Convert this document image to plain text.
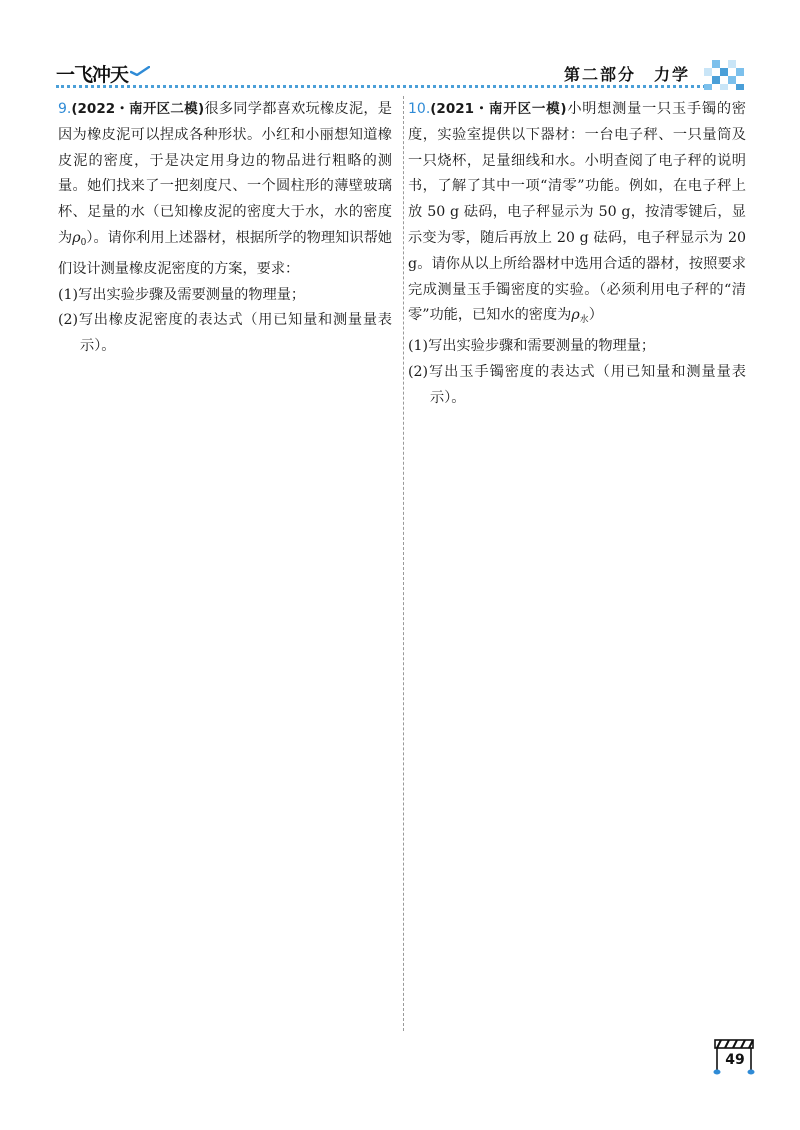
一飞冲天	第二部分　力学
9.(2022・南开区二模)很多同学都喜欢玩橡皮泥，是因为橡皮泥可以捏成各种形状。小红和小丽想知道橡皮泥的密度，于是决定用身边的物品进行粗略的测量。她们找来了一把刻度尺、一个圆柱形的薄壁玻璃杯、足量的水（已知橡皮泥的密度大于水，水的密度为$\rho_0$）。请你利用上述器材，根据所学的物理知识帮她们设计测量橡皮泥密度的方案，要求：
(1)写出实验步骤及需要测量的物理量；
(2)写出橡皮泥密度的表达式（用已知量和测量量表示）。
10.(2021・南开区一模)小明想测量一只玉手镯的密度，实验室提供以下器材：一台电子秤、一只量筒及一只烧杯，足量细线和水。小明查阅了电子秤的说明书，了解了其中一项“清零”功能。例如，在电子秤上放 50 g 砝码，电子秤显示为 50 g，按清零键后，显示变为零，随后再放上 20 g 砝码，电子秤显示为 20 g。请你从以上所给器材中选用合适的器材，按照要求完成测量玉手镯密度的实验。（必须利用电子秤的“清零”功能，已知水的密度为$\rho_水$）
(1)写出实验步骤和需要测量的物理量；
(2)写出玉手镯密度的表达式（用已知量和测量量表示）。
49
